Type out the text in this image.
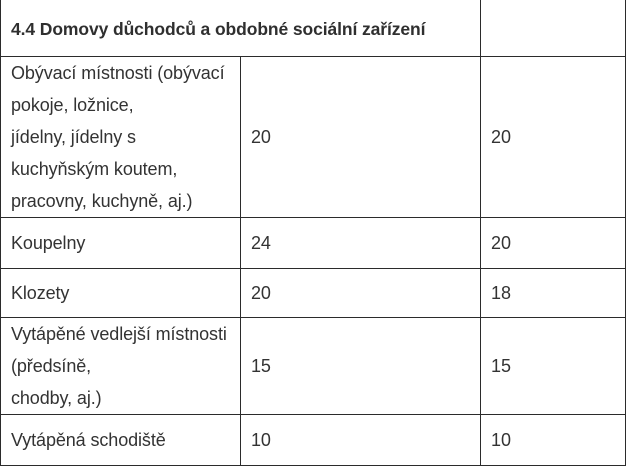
4.4 Domovy důchodců a obdobné sociální zařízení		

Obývací místnosti (obývací pokoje, ložnice,
jídelny, jídelny s kuchyňským koutem,
pracovny, kuchyně, aj.)	20	20

Koupelny	24	20

Klozety	20	18

Vytápěné vedlejší místnosti (předsíně,
chodby, aj.)	15	15

Vytápěná schodiště	10	10
